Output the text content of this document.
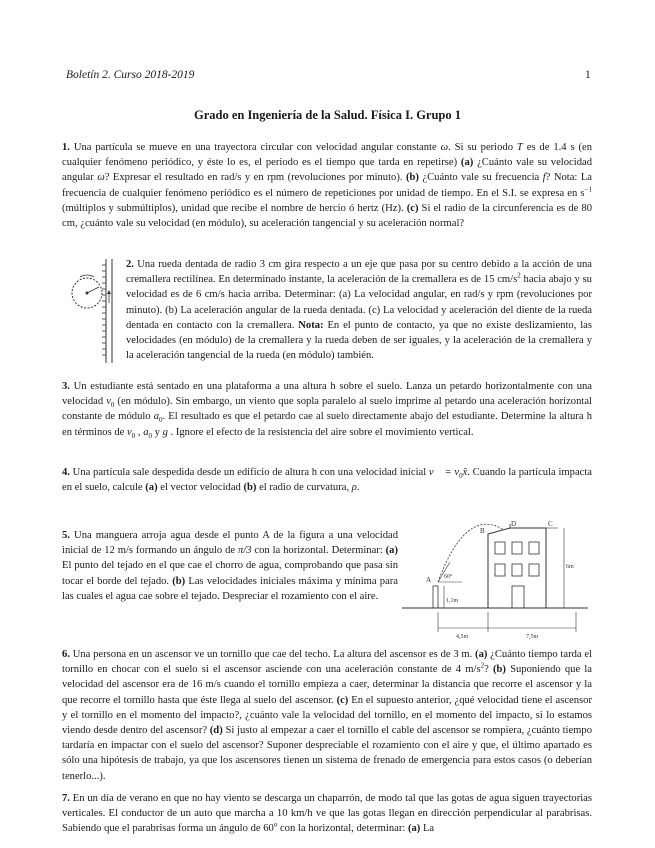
Boletín 2. Curso 2018-2019	1
Grado en Ingeniería de la Salud. Física I. Grupo 1

1. Una partícula se mueve en una trayectora circular con velocidad angular constante ω. Si su periodo T es de 1.4 s (en cualquier fenómeno periódico, y éste lo es, el periodo es el tiempo que tarda en repetirse) (a) ¿Cuánto vale su velocidad angular ω? Expresar el resultado en rad/s y en rpm (revoluciones por minuto). (b) ¿Cuánto vale su frecuencia f? Nota: La frecuencia de cualquier fenómeno periódico es el número de repeticiones por unidad de tiempo. En el S.I. se expresa en $s^{-1}$ (múltiplos y submúltiplos), unidad que recibe el nombre de hercio ó hertz (Hz). (c) Si el radio de la circunferencia es de 80 cm, ¿cuánto vale su velocidad (en módulo), su aceleración tangencial y su aceleración normal?

2. Una rueda dentada de radio 3 cm gira respecto a un eje que pasa por su centro debido a la acción de una cremallera rectilínea. En determinado instante, la aceleración de la cremallera es de 15 $cm/s^2$ hacia abajo y su velocidad es de 6 cm/s hacia arriba. Determinar: (a) La velocidad angular, en rad/s y rpm (revoluciones por minuto). (b) La aceleración angular de la rueda dentada. (c) La velocidad y aceleración del diente de la rueda dentada en contacto con la cremallera. Nota: En el punto de contacto, ya que no existe deslizamiento, las velocidades (en módulo) de la cremallera y la rueda deben de ser iguales, y la aceleración de la cremallera y la aceleración tangencial de la rueda (en módulo) también.

3. Un estudiante está sentado en una plataforma a una altura h sobre el suelo. Lanza un petardo horizontalmente con una velocidad $v_0$ (en módulo). Sin embargo, un viento que sopla paralelo al suelo imprime al petardo una aceleración horizontal constante de módulo $a_0$. El resultado es que el petardo cae al suelo directamente abajo del estudiante. Determine la altura h en términos de $v_0$ , $a_0$ y g . Ignore el efecto de la resistencia del aire sobre el movimiento vertical.

4. Una partícula sale despedida desde un edificio de altura h con una velocidad inicial v⃗ = $v_0x̂$. Cuando la partícula impacta en el suelo, calcule (a) el vector velocidad (b) el radio de curvatura, ρ.

5. Una manguera arroja agua desde el punto A de la figura a una velocidad inicial de 12 m/s formando un ángulo de π/3 con la horizontal. Determinar: (a) El punto del tejado en el que cae el chorro de agua, comprobando que pasa sin tocar el borde del tejado. (b) Las velocidades iniciales máxima y mínima para las cuales el agua cae sobre el tejado. Despreciar el rozamiento con el aire.

A
B
D	C
60°
1,1m
6m
4,5m	7,5m

6. Una persona en un ascensor ve un tornillo que cae del techo. La altura del ascensor es de 3 m. (a) ¿Cuánto tiempo tarda el tornillo en chocar con el suelo si el ascensor asciende con una aceleración constante de 4 $m/s^2$? (b) Suponiendo que la velocidad del ascensor era de 16 m/s cuando el tornillo empieza a caer, determinar la distancia que recorre el ascensor y la que recorre el tornillo hasta que éste llega al suelo del ascensor. (c) En el supuesto anterior, ¿qué velocidad tiene el ascensor y el tornillo en el momento del impacto?, ¿cuánto vale la velocidad del tornillo, en el momento del impacto, si lo estamos viendo desde dentro del ascensor? (d) Si justo al empezar a caer el tornillo el cable del ascensor se rompiera, ¿cuánto tiempo tardaría en impactar con el suelo del ascensor? Suponer despreciable el rozamiento con el aire y que, el último apartado es sólo una hipótesis de trabajo, ya que los ascensores tienen un sistema de frenado de emergencia para estos casos (o deberían tenerlo...).

7. En un día de verano en que no hay viento se descarga un chaparrón, de modo tal que las gotas de agua siguen trayectorias verticales. El conductor de un auto que marcha a 10 km/h ve que las gotas llegan en dirección perpendicular al parabrisas. Sabiendo que el parabrisas forma un ángulo de 60$^o$ con la horizontal, determinar: (a) La
